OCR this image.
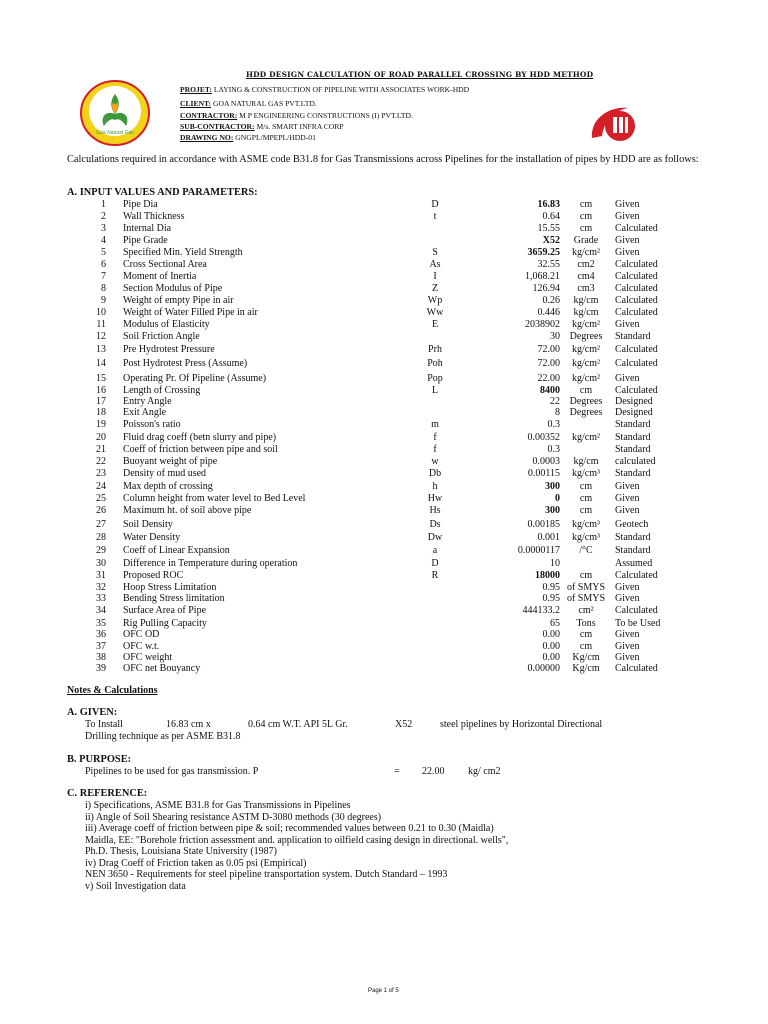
HDD DESIGN CALCULATION OF ROAD PARALLEL CROSSING BY HDD METHOD
Goa Natural Gas
PROJET: LAYING & CONSTRUCTION OF PIPELINE WITH ASSOCIATES WORK-HDD
CLIENT: GOA NATURAL GAS PVT.LTD.
CONTRACTOR: M P ENGINEERING CONSTRUCTIONS (I) PVT.LTD.
SUB-CONTRACTOR: M/s. SMART INFRA CORP
DRAWING NO: GNGPL/MPEPL/HDD-01
Calculations required in accordance with ASME code B31.8 for Gas Transmissions across Pipelines for the installation of pipes by HDD are as follows:
A. INPUT VALUES AND PARAMETERS:
1 Pipe Dia	D	16.83	cm	Given
2 Wall Thickness	t	0.64	cm	Given
3 Internal Dia	15.55	cm	Calculated
4 Pipe Grade	X52	Grade	Given
5 Specified Min. Yield Strength	S	3659.25	kg/cm²	Given
6 Cross Sectional Area	As	32.55	cm2	Calculated
7 Moment of Inertia	I	1,068.21	cm4	Calculated
8 Section Modulus of Pipe	Z	126.94	cm3	Calculated
9 Weight of empty Pipe in air	Wp	0.26	kg/cm	Calculated
10 Weight of Water Filled Pipe in air	Ww	0.446	kg/cm	Calculated
11 Modulus of Elasticity	E	2038902	kg/cm²	Given
12 Soil Friction Angle	30 Degrees	Standard
13 Pre Hydrotest Pressure	Prh	72.00	kg/cm²	Calculated
14 Post Hydrotest Press (Assume)	Poh	72.00	kg/cm²	Calculated
15 Operating Pr. Of Pipeline (Assume)	Pop	22.00	kg/cm²	Given
16 Length of Crossing	L	8400	cm	Calculated
17 Entry Angle	22 Degrees	Designed
18 Exit Angle	8 Degrees	Designed
19 Poisson's ratio	m	0.3	Standard
20 Fluid drag coeff (betn slurry and pipe)	f	0.00352	kg/cm²	Standard
21 Coeff of friction between pipe and soil	f	0.3	Standard
22 Buoyant weight of pipe	w	0.0003	kg/cm	calculated
23 Density of mud used	Db	0.00115	kg/cm³	Standard
24 Max depth of crossing	h	300	cm	Given
25 Column height from water level to Bed Level	Hw	0	cm	Given
26 Maximum ht. of soil above pipe	Hs	300	cm	Given
27 Soil Density	Ds	0.00185	kg/cm³	Geotech
28 Water Density	Dw	0.001	kg/cm³	Standard
29 Coeff of Linear Expansion	a	0.0000117	/°C	Standard
30 Difference in Temperature during operation	D	10	Assumed
31 Proposed ROC	R	18000	cm	Calculated
32 Hoop Stress Limitation	0.95 of SMYS Given
33 Bending Stress limitation	0.95 of SMYS Given
34 Surface Area of Pipe	444133.2	cm²	Calculated
35 Rig Pulling Capacity	65	Tons	To be Used
36 OFC OD	0.00	cm	Given
37 OFC w.t.	0.00	cm	Given
38 OFC weight	0.00	Kg/cm	Given
39 OFC net Bouyancy	0.00000	Kg/cm	Calculated
Notes & Calculations
A. GIVEN:
To Install	16.83 cm x	0.64 cm W.T. API 5L Gr.	X52	steel pipelines by Horizontal Directional
Drilling technique as per ASME B31.8
B. PURPOSE:
Pipelines to be used for gas transmission. P	= 22.00 kg/ cm2
C. REFERENCE:
i) Specifications, ASME B31.8 for Gas Transmissions in Pipelines
ii) Angle of Soil Shearing resistance ASTM D-3080 methods (30 degrees)
iii) Average coeff of friction between pipe & soil; recommended values between 0.21 to 0.30 (Maidla)
Maidla, EE: "Borehole friction assessment and. application to oilfield casing design in directional. wells",
Ph.D. Thesis, Louisiana State University (1987)
iv) Drag Coeff of Friction taken as 0.05 psi (Empirical)
NEN 3650 - Requirements for steel pipeline transportation system. Dutch Standard – 1993
v) Soil Investigation data
Page 1 of 5
